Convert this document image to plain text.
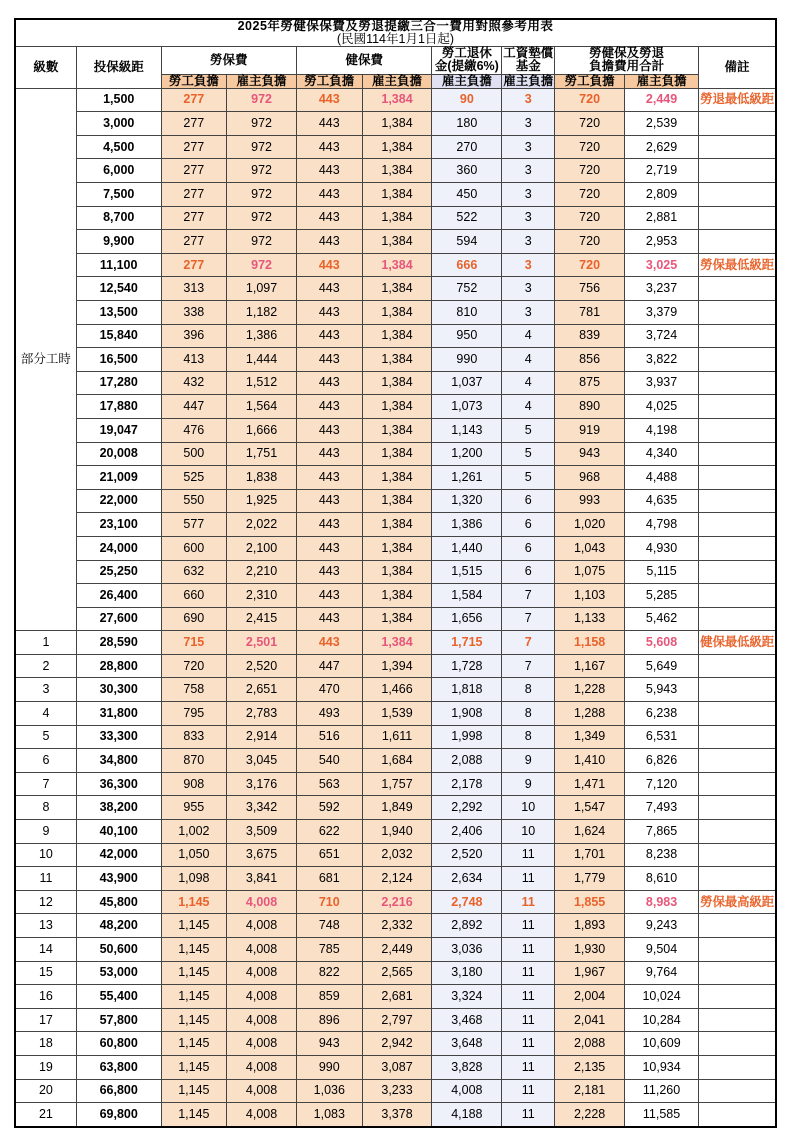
2025年勞健保保費及勞退提繳三合一費用對照參考用表										
(民國114年1月1日起)										
級數	投保級距	勞保費	健保費	勞工退休
金(提繳6%)

工資墊償
基金

勞健保及勞退
負擔費用合計	備註
		勞工負擔	雇主負擔	勞工負擔	雇主負擔	雇主負擔	雇主負擔	勞工負擔	雇主負擔	
部分工時	1,500	277	972	443	1,384	90	3	720	2,449	勞退最低級距
	3,000	277	972	443	1,384	180	3	720	2,539	
	4,500	277	972	443	1,384	270	3	720	2,629	
	6,000	277	972	443	1,384	360	3	720	2,719	
	7,500	277	972	443	1,384	450	3	720	2,809	
	8,700	277	972	443	1,384	522	3	720	2,881	
	9,900	277	972	443	1,384	594	3	720	2,953	
	11,100	277	972	443	1,384	666	3	720	3,025	勞保最低級距
	12,540	313	1,097	443	1,384	752	3	756	3,237	
	13,500	338	1,182	443	1,384	810	3	781	3,379	
	15,840	396	1,386	443	1,384	950	4	839	3,724	
	16,500	413	1,444	443	1,384	990	4	856	3,822	
	17,280	432	1,512	443	1,384	1,037	4	875	3,937	
	17,880	447	1,564	443	1,384	1,073	4	890	4,025	
	19,047	476	1,666	443	1,384	1,143	5	919	4,198	
	20,008	500	1,751	443	1,384	1,200	5	943	4,340	
	21,009	525	1,838	443	1,384	1,261	5	968	4,488	
	22,000	550	1,925	443	1,384	1,320	6	993	4,635	
	23,100	577	2,022	443	1,384	1,386	6	1,020	4,798	
	24,000	600	2,100	443	1,384	1,440	6	1,043	4,930	
	25,250	632	2,210	443	1,384	1,515	6	1,075	5,115	
	26,400	660	2,310	443	1,384	1,584	7	1,103	5,285	
	27,600	690	2,415	443	1,384	1,656	7	1,133	5,462	
1	28,590	715	2,501	443	1,384	1,715	7	1,158	5,608	健保最低級距
2	28,800	720	2,520	447	1,394	1,728	7	1,167	5,649	
3	30,300	758	2,651	470	1,466	1,818	8	1,228	5,943	
4	31,800	795	2,783	493	1,539	1,908	8	1,288	6,238	
5	33,300	833	2,914	516	1,611	1,998	8	1,349	6,531	
6	34,800	870	3,045	540	1,684	2,088	9	1,410	6,826	
7	36,300	908	3,176	563	1,757	2,178	9	1,471	7,120	
8	38,200	955	3,342	592	1,849	2,292	10	1,547	7,493	
9	40,100	1,002	3,509	622	1,940	2,406	10	1,624	7,865	
10	42,000	1,050	3,675	651	2,032	2,520	11	1,701	8,238	
11	43,900	1,098	3,841	681	2,124	2,634	11	1,779	8,610	
12	45,800	1,145	4,008	710	2,216	2,748	11	1,855	8,983	勞保最高級距
13	48,200	1,145	4,008	748	2,332	2,892	11	1,893	9,243	
14	50,600	1,145	4,008	785	2,449	3,036	11	1,930	9,504	
15	53,000	1,145	4,008	822	2,565	3,180	11	1,967	9,764	
16	55,400	1,145	4,008	859	2,681	3,324	11	2,004	10,024	
17	57,800	1,145	4,008	896	2,797	3,468	11	2,041	10,284	
18	60,800	1,145	4,008	943	2,942	3,648	11	2,088	10,609	
19	63,800	1,145	4,008	990	3,087	3,828	11	2,135	10,934	
20	66,800	1,145	4,008	1,036	3,233	4,008	11	2,181	11,260	
21	69,800	1,145	4,008	1,083	3,378	4,188	11	2,228	11,585	
